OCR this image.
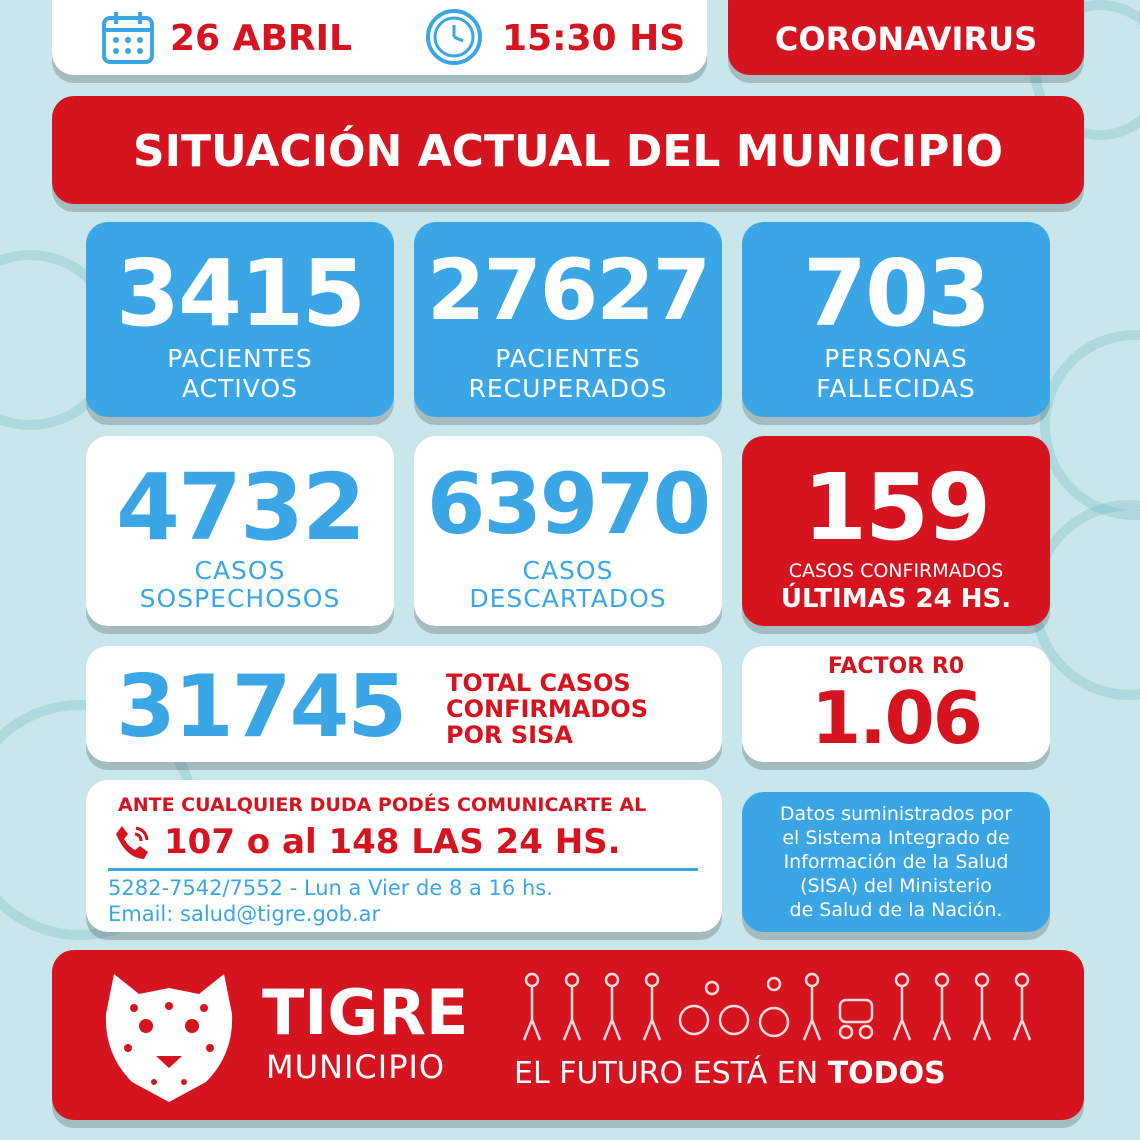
26 ABRIL	15:30 HS	CORONAVIRUS
SITUACIÓN ACTUAL DEL MUNICIPIO
3415
PACIENTES
ACTIVOS
27627
PACIENTES
RECUPERADOS
703
PERSONAS
FALLECIDAS
4732
CASOS
SOSPECHOSOS
63970
CASOS
DESCARTADOS
159
CASOS CONFIRMADOS
ÚLTIMAS 24 HS.
31745 TOTAL CASOS
CONFIRMADOS
POR SISA
FACTOR R0
1.06
ANTE CUALQUIER DUDA PODÉS COMUNICARTE AL
107 o al 148 LAS 24 HS.
5282-7542/7552 - Lun a Vier de 8 a 16 hs.
Email: salud@tigre.gob.ar
Datos suministrados por
el Sistema Integrado de
Información de la Salud
(SISA) del Ministerio
de Salud de la Nación.
TIGRE
MUNICIPIO EL FUTURO ESTÁ EN TODOS
